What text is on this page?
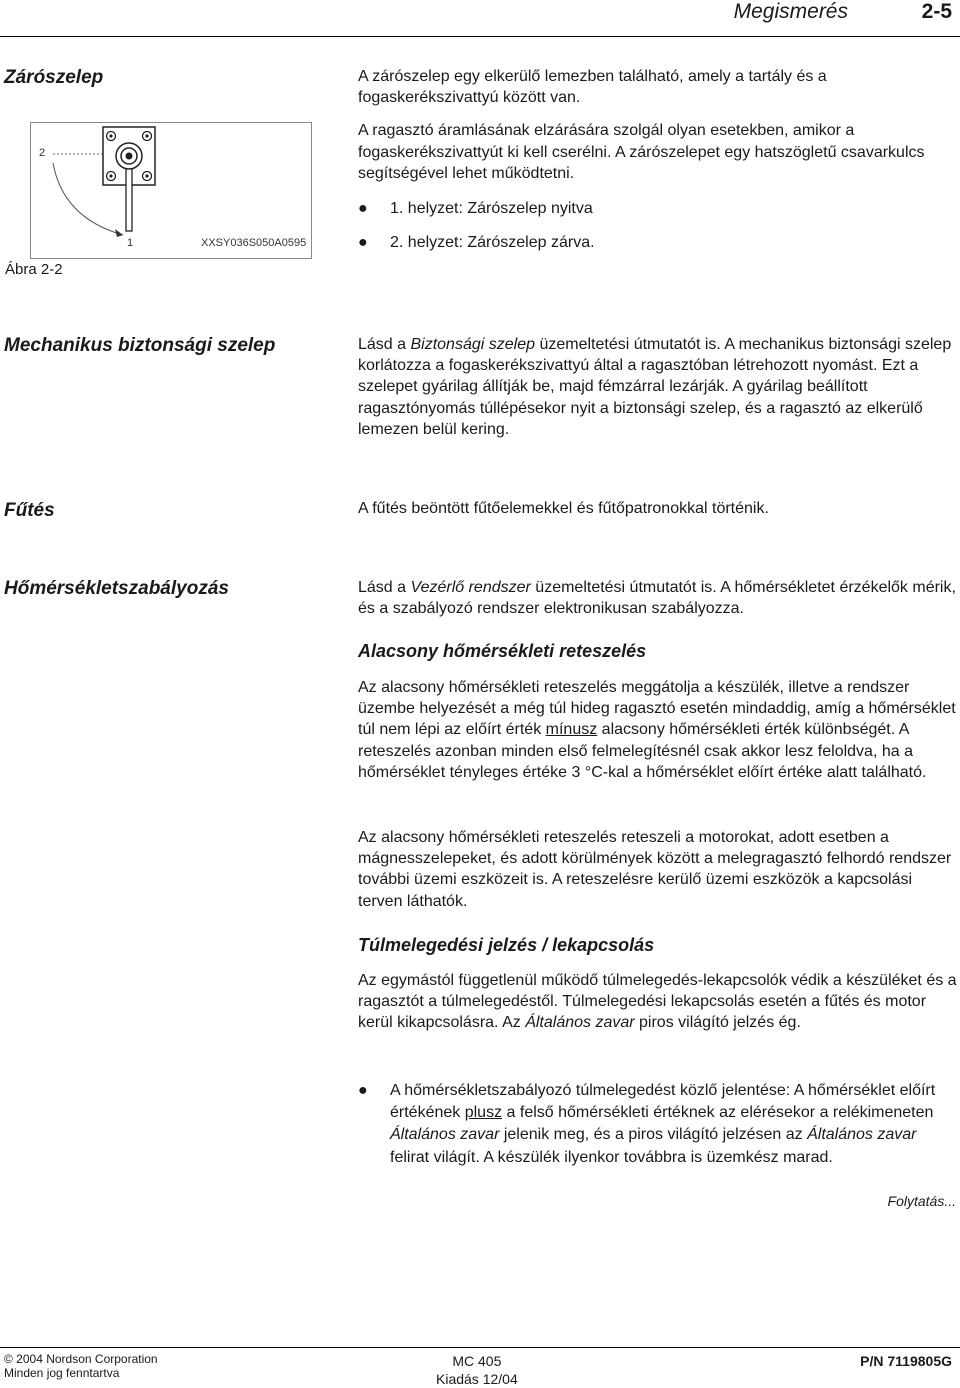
Megismerés	2-5
Zárószelep	A zárószelep egy elkerülő lemezben található, amely a tartály és a fogaskerékszivattyú között van.

A ragasztó áramlásának elzárására szolgál olyan esetekben, amikor a fogaskerékszivattyút ki kell cserélni. A zárószelepet egy hatszögletű csavarkulcs segítségével lehet működtetni.

● 1. helyzet: Zárószelep nyitva
● 2. helyzet: Zárószelep zárva.
2
1	XXSY036S050A0595
Ábra 2-2
Mechanikus biztonsági szelep	Lásd a Biztonsági szelep üzemeltetési útmutatót is. A mechanikus biztonsági szelep korlátozza a fogaskerékszivattyú által a ragasztóban létrehozott nyomást. Ezt a szelepet gyárilag állítják be, majd fémzárral lezárják. A gyárilag beállított ragasztónyomás túllépésekor nyit a biztonsági szelep, és a ragasztó az elkerülő lemezen belül kering.

Fűtés	A fűtés beöntött fűtőelemekkel és fűtőpatronokkal történik.

Hőmérsékletszabályozás	Lásd a Vezérlő rendszer üzemeltetési útmutatót is. A hőmérsékletet érzékelők mérik, és a szabályozó rendszer elektronikusan szabályozza.

Alacsony hőmérsékleti reteszelés

Az alacsony hőmérsékleti reteszelés meggátolja a készülék, illetve a rendszer üzembe helyezését a még túl hideg ragasztó esetén mindaddig, amíg a hőmérséklet túl nem lépi az előírt érték mínusz alacsony hőmérsékleti érték különbségét. A reteszelés azonban minden első felmelegítésnél csak akkor lesz feloldva, ha a hőmérséklet tényleges értéke 3 °C-kal a hőmérséklet előírt értéke alatt található.

Az alacsony hőmérsékleti reteszelés reteszeli a motorokat, adott esetben a mágnesszelepeket, és adott körülmények között a melegragasztó felhordó rendszer további üzemi eszközeit is. A reteszelésre kerülő üzemi eszközök a kapcsolási terven láthatók.

Túlmelegedési jelzés / lekapcsolás

Az egymástól függetlenül működő túlmelegedés-lekapcsolók védik a készüléket és a ragasztót a túlmelegedéstől. Túlmelegedési lekapcsolás esetén a fűtés és motor kerül kikapcsolásra. Az Általános zavar piros világító jelzés ég.

● A hőmérsékletszabályozó túlmelegedést közlő jelentése: A hőmérséklet előírt értékének plusz a felső hőmérsékleti értéknek az elérésekor a relékimeneten Általános zavar jelenik meg, és a piros világító jelzésen az Általános zavar felirat világít. A készülék ilyenkor továbbra is üzemkész marad.
Folytatás...
© 2004 Nordson Corporation
Minden jog fenntartva
MC 405
Kiadás 12/04
P/N 7119805G
